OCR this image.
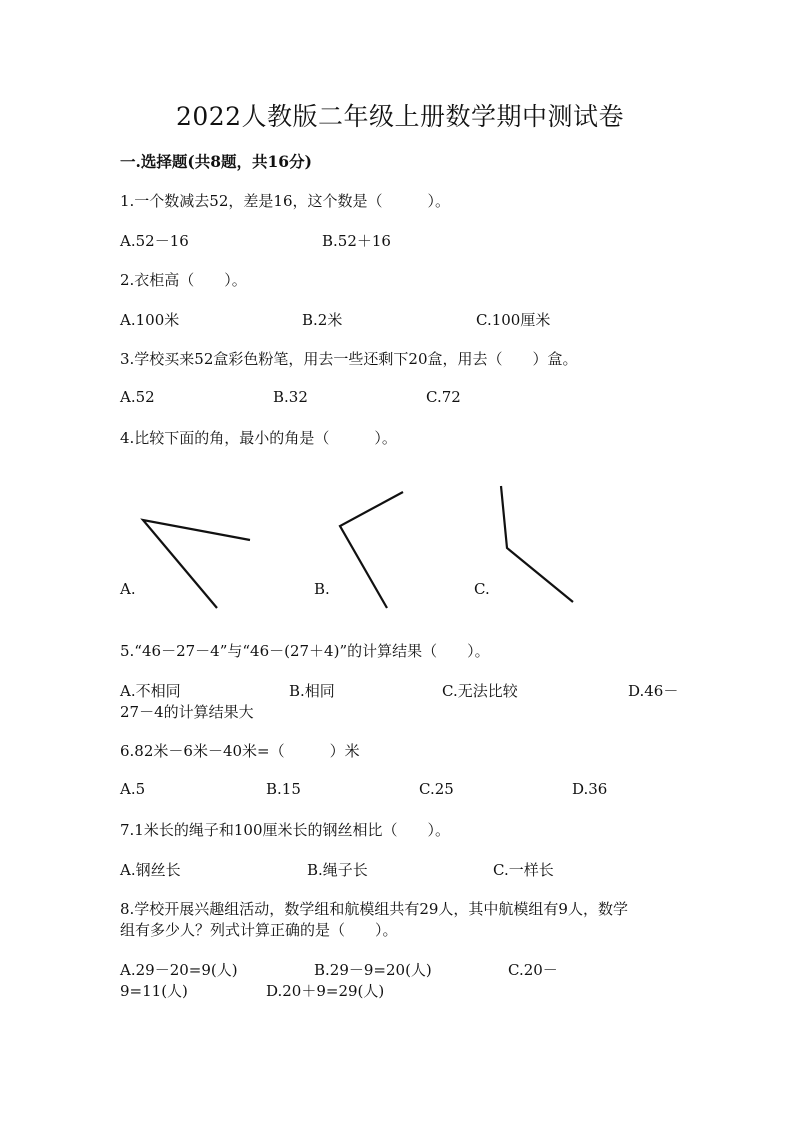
2022人教版二年级上册数学期中测试卷
一.选择题(共8题，共16分)
1.一个数减去52，差是16，这个数是（　　　）。
A.52－16	B.52＋16
2.衣柜高（　　）。
A.100米	B.2米	C.100厘米
3.学校买来52盒彩色粉笔，用去一些还剩下20盒，用去（　　）盒。
A.52	B.32	C.72
4.比较下面的角，最小的角是（　　　）。
A.	B.	C.
5.“46－27－4”与“46－(27＋4)”的计算结果（　　）。
A.不相同	B.相同	C.无法比较	D.46－
27－4的计算结果大
6.82米－6米－40米=（　　　）米
A.5	B.15	C.25	D.36
7.1米长的绳子和100厘米长的钢丝相比（　　）。
A.钢丝长	B.绳子长	C.一样长
8.学校开展兴趣组活动，数学组和航模组共有29人，其中航模组有9人，数学
组有多少人？列式计算正确的是（　　）。
A.29－20=9(人)	B.29－9=20(人)	C.20－
9=11(人)	D.20＋9=29(人)
